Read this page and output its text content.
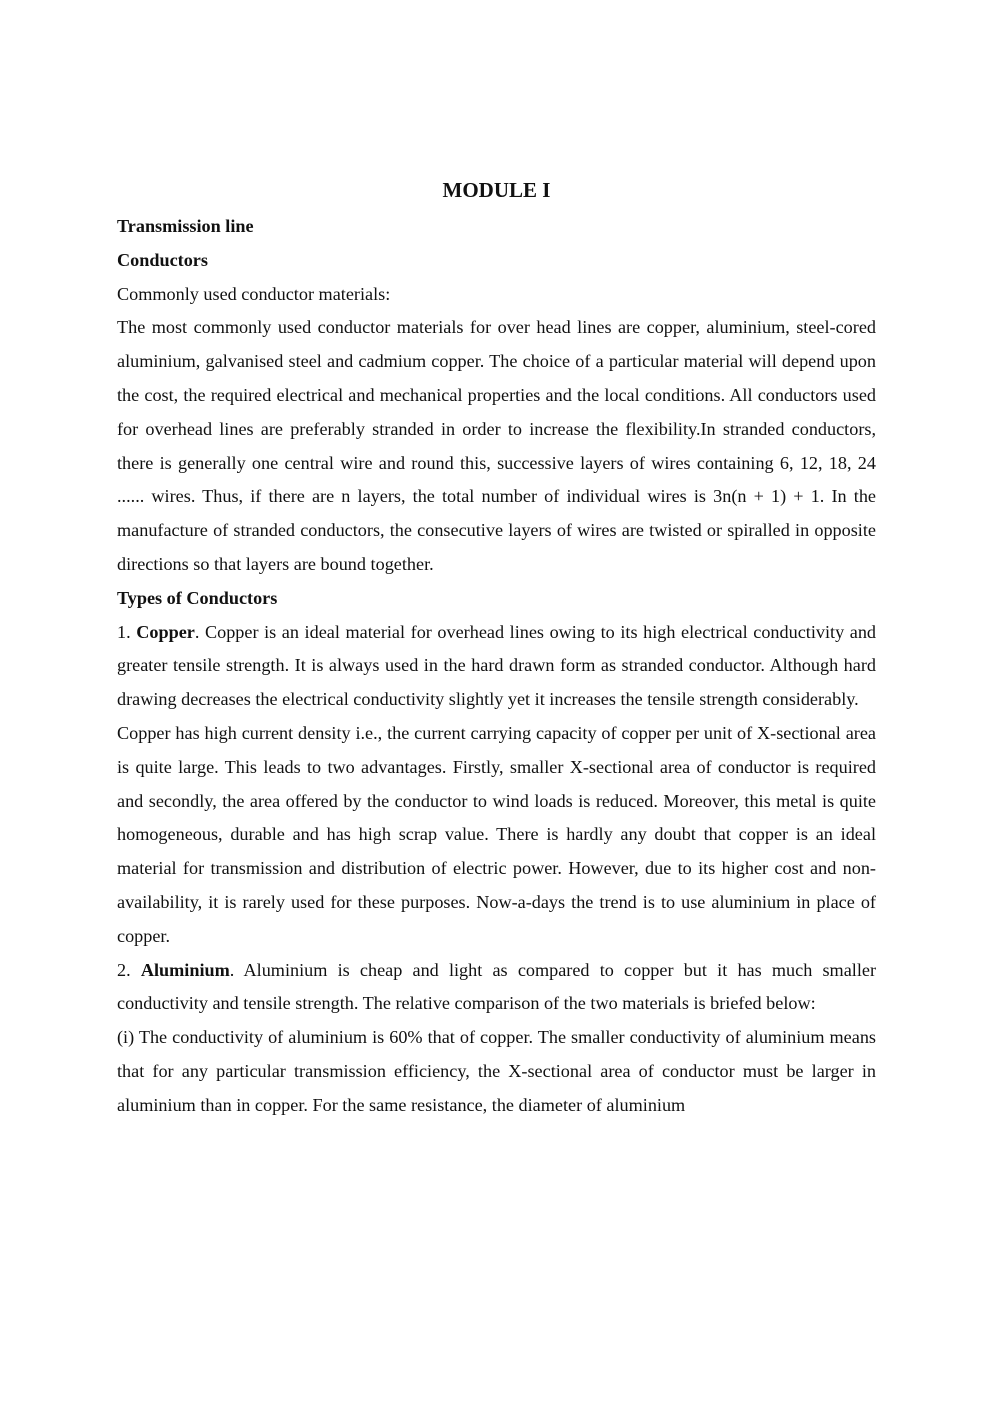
MODULE I

Transmission line

Conductors

Commonly used conductor materials:

The most commonly used conductor materials for over head lines are copper, aluminium, steel-cored aluminium, galvanised steel and cadmium copper. The choice of a particular material will depend upon the cost, the required electrical and mechanical properties and the local conditions. All conductors used for overhead lines are preferably stranded in order to increase the flexibility.In stranded conductors, there is generally one central wire and round this, successive layers of wires containing 6, 12, 18, 24 ...... wires. Thus, if there are n layers, the total number of individual wires is 3n(n + 1) + 1. In the manufacture of stranded conductors, the consecutive layers of wires are twisted or spiralled in opposite directions so that layers are bound together.

Types of Conductors

1. Copper. Copper is an ideal material for overhead lines owing to its high electrical conductivity and greater tensile strength. It is always used in the hard drawn form as stranded conductor. Although hard drawing decreases the electrical conductivity slightly yet it increases the tensile strength considerably.

Copper has high current density i.e., the current carrying capacity of copper per unit of X-sectional area is quite large. This leads to two advantages. Firstly, smaller X-sectional area of conductor is required and secondly, the area offered by the conductor to wind loads is reduced. Moreover, this metal is quite homogeneous, durable and has high scrap value. There is hardly any doubt that copper is an ideal material for transmission and distribution of electric power. However, due to its higher cost and non-availability, it is rarely used for these purposes. Now-a-days the trend is to use aluminium in place of copper.

2. Aluminium. Aluminium is cheap and light as compared to copper but it has much smaller conductivity and tensile strength. The relative comparison of the two materials is briefed below:

(i) The conductivity of aluminium is 60% that of copper. The smaller conductivity of aluminium means that for any particular transmission efficiency, the X-sectional area of conductor must be larger in aluminium than in copper. For the same resistance, the diameter of aluminium
